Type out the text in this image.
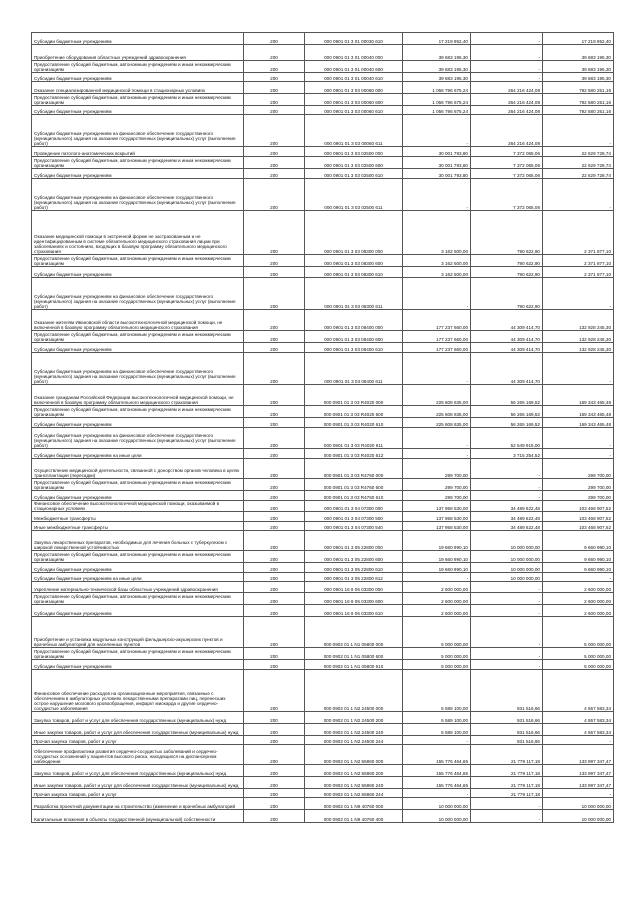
Субсидии бюджетным учреждениям	200	000 0901 01 3 01 00030 610	17 219 952,40	-	17 219 952,40
Приобретение оборудования областных учреждений здравоохранения	200	000 0901 01 3 01 00040 000	39 683 195,30	-	39 683 195,30
Предоставление субсидий бюджетным, автономным учреждениям и иным некоммерческим организациям	200	000 0901 01 3 01 00040 600	39 683 195,30	-	39 683 195,30
Субсидии бюджетным учреждениям	200	000 0901 01 3 01 00040 610	39 683 195,30	-	39 683 195,30
Оказание специализированной медицинской помощи в стационарных условиях	200	000 0901 01 3 03 00060 000	1 056 796 675,24	264 216 424,08	792 580 251,16
Предоставление субсидий бюджетным, автономным учреждениям и иным некоммерческим организациям	200	000 0901 01 3 03 00060 600	1 056 796 675,24	264 216 424,08	792 580 251,16
Субсидии бюджетным учреждениям	200	000 0901 01 3 03 00060 610	1 056 796 675,24	264 216 424,08	792 580 251,16
Субсидии бюджетным учреждениям на финансовое обеспечение государственного (муниципального) задания на оказание государственных (муниципальных) услуг (выполнение работ)	200	000 0901 01 3 03 00060 611	-	264 216 424,08	-
Проведение патолого-анатомических вскрытий	200	000 0901 01 3 03 02500 000	30 001 793,80	7 372 065,06	22 629 728,74
Предоставление субсидий бюджетным, автономным учреждениям и иным некоммерческим организациям	200	000 0901 01 3 03 02500 600	30 001 793,80	7 372 065,06	22 629 728,74
Субсидии бюджетным учреждениям	200	000 0901 01 3 03 02500 610	30 001 793,80	7 372 065,06	22 629 728,74
Субсидии бюджетным учреждениям на финансовое обеспечение государственного (муниципального) задания на оказание государственных (муниципальных) услуг (выполнение работ)	200	000 0901 01 3 03 02500 611	-	7 372 065,06	-
Оказание медицинской помощи в экстренной форме не застрахованным и не идентифицированным в системе обязательного медицинского страхования лицам при заболеваниях и состояниях, входящих в базовую программу обязательного медицинского страхования	200	000 0901 01 3 03 08300 000	3 162 500,00	790 622,90	2 371 877,10
Предоставление субсидий бюджетным, автономным учреждениям и иным некоммерческим организациям	200	000 0901 01 3 03 08300 600	3 162 500,00	790 622,90	2 371 877,10
Субсидии бюджетным учреждениям	200	000 0901 01 3 03 08300 610	3 162 500,00	790 622,90	2 371 877,10
Субсидии бюджетным учреждениям на финансовое обеспечение государственного (муниципального) задания на оказание государственных (муниципальных) услуг (выполнение работ)	200	000 0901 01 3 03 08300 611	-	790 622,90	-
Оказание жителям Ивановской области высокотехнологичной медицинской помощи, не включенной в базовую программу обязательного медицинского страхования	200	000 0901 01 3 03 08400 000	177 237 660,00	44 309 414,70	132 928 245,30
Предоставление субсидий бюджетным, автономным учреждениям и иным некоммерческим организациям	200	000 0901 01 3 03 08400 600	177 237 660,00	44 309 414,70	132 928 245,30
Субсидии бюджетным учреждениям	200	000 0901 01 3 03 08400 610	177 237 660,00	44 309 414,70	132 928 245,30
Субсидии бюджетным учреждениям на финансовое обеспечение государственного (муниципального) задания на оказание государственных (муниципальных) услуг (выполнение работ)	200	000 0901 01 3 03 08400 611	-	44 309 414,70	-
Оказание гражданам Российской Федерации высокотехнологичной медицинской помощи, не включенной в базовую программу обязательного медицинского страхования	200	000 0901 01 3 03 R4020 000	225 608 635,00	56 265 169,52	169 343 465,48
Предоставление субсидий бюджетным, автономным учреждениям и иным некоммерческим организациям	200	000 0901 01 3 03 R4020 600	225 608 635,00	56 265 169,52	169 343 465,48
Субсидии бюджетным учреждениям	200	000 0901 01 3 03 R4020 610	225 608 635,00	56 265 169,52	169 343 465,48
Субсидии бюджетным учреждениям на финансовое обеспечение государственного (муниципального) задания на оказание государственных (муниципальных) услуг (выполнение работ)	200	000 0901 01 3 03 R4020 611	-	52 549 915,00	-
Субсидии бюджетным учреждениям на иные цели	200	000 0901 01 3 03 R4020 612	-	3 715 254,52	-
Осуществление медицинской деятельности, связанной с донорством органов человека в целях трансплантации (пересадки)	200	000 0901 01 3 03 R4760 000	299 700,00	-	299 700,00
Предоставление субсидий бюджетным, автономным учреждениям и иным некоммерческим организациям	200	000 0901 01 3 03 R4760 600	299 700,00	-	299 700,00
Субсидии бюджетным учреждениям	200	000 0901 01 3 03 R4760 610	299 700,00	-	299 700,00
Финансовое обеспечение высокотехнологичной медицинской помощи, оказываемой в стационарных условиях	200	000 0901 01 3 04 07300 000	137 958 530,00	34 489 622,48	103 468 907,52
Межбюджетные трансферты	200	000 0901 01 3 04 07300 500	137 958 530,00	34 489 622,48	103 468 907,52
Иные межбюджетные трансферты	200	000 0901 01 3 04 07300 540	137 958 530,00	34 489 622,48	103 468 907,52
Закупка лекарственных препаратов, необходимых для лечения больных с туберкулезом с широкой лекарственной устойчивостью	200	000 0901 01 3 05 22800 000	19 660 990,10	10 000 000,00	9 660 990,10
Предоставление субсидий бюджетным, автономным учреждениям и иным некоммерческим организациям	200	000 0901 01 3 05 22800 600	19 660 990,10	10 000 000,00	9 660 990,10
Субсидии бюджетным учреждениям	200	000 0901 01 3 05 22800 610	19 660 990,10	10 000 000,00	9 660 990,10
Субсидии бюджетным учреждениям на иные цели	200	000 0901 01 3 05 22800 612	-	10 000 000,00	-
Укрепление материально-технической базы областных учреждений здравоохранения	200	000 0901 16 9 06 03300 000	2 600 000,00	-	2 600 000,00
Предоставление субсидий бюджетным, автономным учреждениям и иным некоммерческим организациям	200	000 0901 16 9 06 03300 600	2 600 000,00	-	2 600 000,00
Субсидии бюджетным учреждениям	200	000 0901 16 9 06 03300 610	2 600 000,00	-	2 600 000,00
Приобретение и установка модульных конструкций фельдшерско-акушерских пунктов и врачебных амбулаторий для населенных пунктов	200	000 0902 01 1 N1 05800 000	5 000 000,00	-	5 000 000,00
Предоставление субсидий бюджетным, автономным учреждениям и иным некоммерческим организациям	200	000 0902 01 1 N1 05800 600	5 000 000,00	-	5 000 000,00
Субсидии бюджетным учреждениям	200	000 0902 01 1 N1 05800 610	5 000 000,00	-	5 000 000,00
Финансовое обеспечение расходов на организационные мероприятия, связанные с обеспечением в амбулаторных условиях лекарственными препаратами лиц, перенесших острое нарушение мозгового кровообращения, инфаркт миокарда и другие сердечно-сосудистые заболевания	200	000 0902 01 1 N2 24500 000	5 589 100,00	931 516,66	4 657 583,34
Закупка товаров, работ и услуг для обеспечения государственных (муниципальных) нужд	200	000 0902 01 1 N2 24500 200	5 589 100,00	931 516,66	4 657 583,34
Иные закупки товаров, работ и услуг для обеспечения государственных (муниципальных) нужд	200	000 0902 01 1 N2 24500 240	5 589 100,00	931 516,66	4 657 583,34
Прочая закупка товаров, работ и услуг	200	000 0902 01 1 N2 24500 244	-	931 516,66	-
Обеспечение профилактики развития сердечно-сосудистых заболеваний и сердечно-сосудистых осложнений у пациентов высокого риска, находящихся на диспансерном наблюдении	200	000 0902 01 1 N2 55860 000	155 776 464,65	21 779 117,18	133 997 347,47
Закупка товаров, работ и услуг для обеспечения государственных (муниципальных) нужд	200	000 0902 01 1 N2 55860 200	155 776 464,65	21 779 117,18	133 997 347,47
Иные закупки товаров, работ и услуг для обеспечения государственных (муниципальных) нужд	200	000 0902 01 1 N2 55860 240	155 776 464,65	21 779 117,18	133 997 347,47
Прочая закупка товаров, работ и услуг	200	000 0902 01 1 N2 55860 244	-	21 779 117,18	-
Разработка проектной документации на строительство (изменение и врачебных амбулаторий	200	000 0902 01 1 N9 40760 000	10 000 000,00	-	10 000 000,00
Капитальные вложения в объекты государственной (муниципальной) собственности	200	000 0902 01 1 N9 40760 400	10 000 000,00	-	10 000 000,00
